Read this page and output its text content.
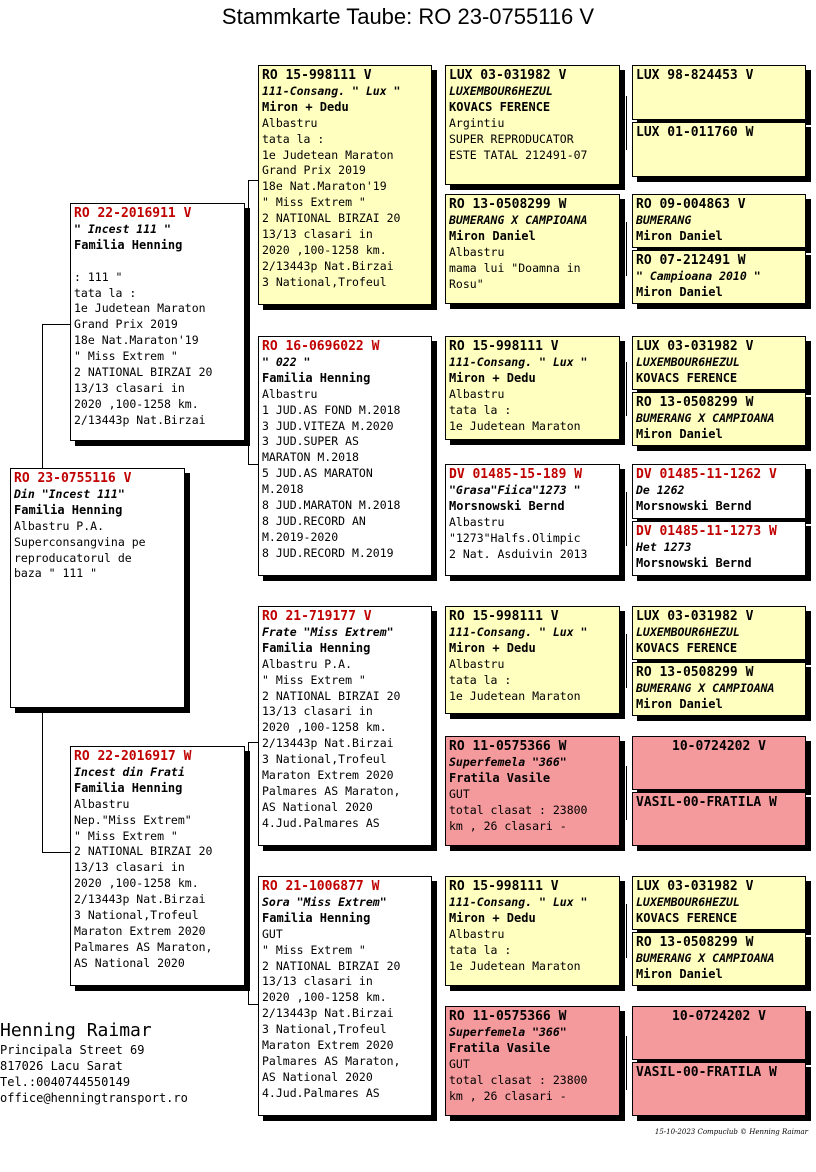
Stammkarte Taube: RO 23-0755116 V
RO 23-0755116 V
Din "Incest 111"
Familia Henning
Albastru P.A.
Superconsangvina pe
reproducatorul de
baza " 111 "
RO 22-2016911 V
" Incest 111 "
Familia Henning

: 111 "
tata la :
1e Judetean Maraton
Grand Prix 2019
18e Nat.Maraton'19
" Miss Extrem "
2 NATIONAL BIRZAI 20
13/13 clasari in
2020 ,100-1258 km.
2/13443p Nat.Birzai
RO 22-2016917 W
Incest din Frati
Familia Henning
Albastru
Nep."Miss Extrem"
" Miss Extrem "
2 NATIONAL BIRZAI 20
13/13 clasari in
2020 ,100-1258 km.
2/13443p Nat.Birzai
3 National,Trofeul
Maraton Extrem 2020
Palmares AS Maraton,
AS National 2020
RO 15-998111 V
111-Consang. " Lux "
Miron + Dedu
Albastru
tata la :
1e Judetean Maraton
Grand Prix 2019
18e Nat.Maraton'19
" Miss Extrem "
2 NATIONAL BIRZAI 20
13/13 clasari in
2020 ,100-1258 km.
2/13443p Nat.Birzai
3 National,Trofeul
RO 16-0696022 W
" 022 "
Familia Henning
Albastru
1 JUD.AS FOND M.2018
3 JUD.VITEZA M.2020
3 JUD.SUPER AS
MARATON M.2018
5 JUD.AS MARATON
M.2018
8 JUD.MARATON M.2018
8 JUD.RECORD AN
M.2019-2020
8 JUD.RECORD M.2019
RO 21-719177 V
Frate "Miss Extrem"
Familia Henning
Albastru P.A.
" Miss Extrem "
2 NATIONAL BIRZAI 20
13/13 clasari in
2020 ,100-1258 km.
2/13443p Nat.Birzai
3 National,Trofeul
Maraton Extrem 2020
Palmares AS Maraton,
AS National 2020
4.Jud.Palmares AS
RO 21-1006877 W
Sora "Miss Extrem"
Familia Henning
GUT
" Miss Extrem "
2 NATIONAL BIRZAI 20
13/13 clasari in
2020 ,100-1258 km.
2/13443p Nat.Birzai
3 National,Trofeul
Maraton Extrem 2020
Palmares AS Maraton,
AS National 2020
4.Jud.Palmares AS
LUX 03-031982 V
LUXEMBOUR6HEZUL
KOVACS FERENCE
Argintiu
SUPER REPRODUCATOR
ESTE TATAL 212491-07
RO 13-0508299 W
BUMERANG X CAMPIOANA
Miron Daniel
Albastru
mama lui "Doamna in
Rosu"
RO 15-998111 V
111-Consang. " Lux "
Miron + Dedu
Albastru
tata la :
1e Judetean Maraton
DV 01485-15-189 W
"Grasa"Fiica"1273 "
Morsnowski Bernd
Albastru
"1273"Halfs.Olimpic
2 Nat. Asduivin 2013
RO 15-998111 V
111-Consang. " Lux "
Miron + Dedu
Albastru
tata la :
1e Judetean Maraton
RO 11-0575366 W
Superfemela "366"
Fratila Vasile
GUT
total clasat : 23800
km , 26 clasari -
RO 15-998111 V
111-Consang. " Lux "
Miron + Dedu
Albastru
tata la :
1e Judetean Maraton
RO 11-0575366 W
Superfemela "366"
Fratila Vasile
GUT
total clasat : 23800
km , 26 clasari -
LUX 98-824453 V
LUX 01-011760 W
RO 09-004863 V
BUMERANG
Miron Daniel
RO 07-212491 W
" Campioana 2010 "
Miron Daniel
LUX 03-031982 V
LUXEMBOUR6HEZUL
KOVACS FERENCE
RO 13-0508299 W
BUMERANG X CAMPIOANA
Miron Daniel
DV 01485-11-1262 V
De 1262
Morsnowski Bernd
DV 01485-11-1273 W
Het 1273
Morsnowski Bernd
LUX 03-031982 V
LUXEMBOUR6HEZUL
KOVACS FERENCE
RO 13-0508299 W
BUMERANG X CAMPIOANA
Miron Daniel
10-0724202 V
VASIL-00-FRATILA W
LUX 03-031982 V
LUXEMBOUR6HEZUL
KOVACS FERENCE
RO 13-0508299 W
BUMERANG X CAMPIOANA
Miron Daniel
10-0724202 V
VASIL-00-FRATILA W
Henning Raimar
Principala Street 69
817026 Lacu Sarat
Tel.:0040744550149
office@henningtransport.ro
15-10-2023 Compuclub © Henning Raimar
